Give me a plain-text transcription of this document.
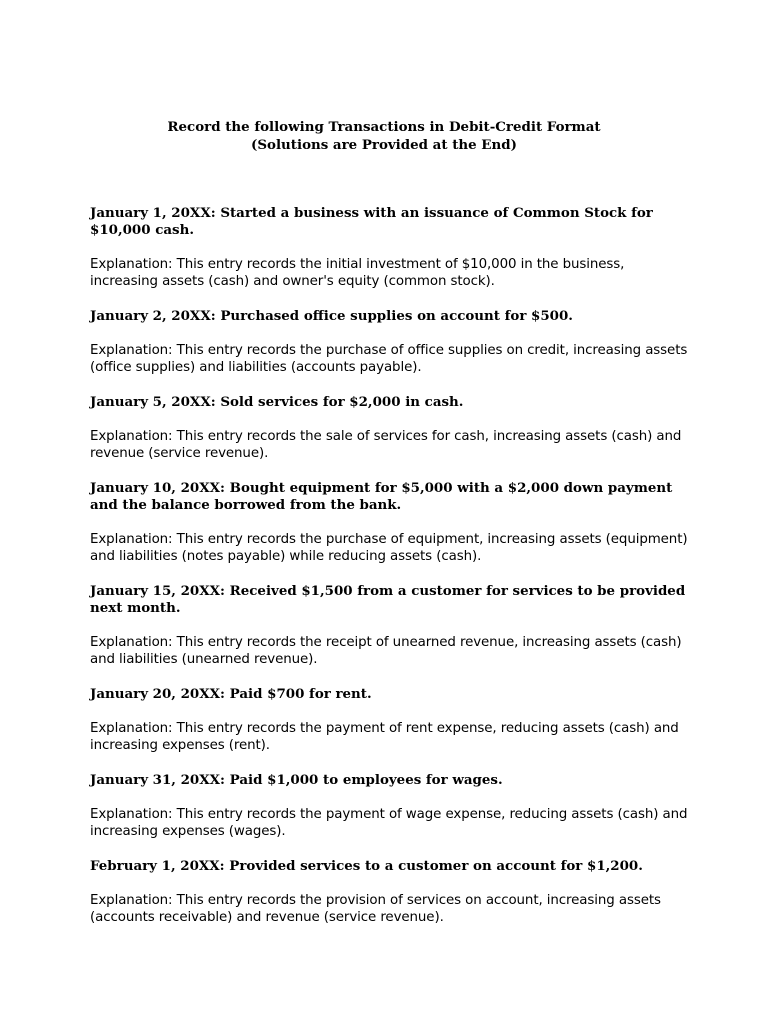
Record the following Transactions in Debit-Credit Format
(Solutions are Provided at the End)

January 1, 20XX: Started a business with an issuance of Common Stock for $10,000 cash.

Explanation: This entry records the initial investment of $10,000 in the business, increasing assets (cash) and owner's equity (common stock).

January 2, 20XX: Purchased office supplies on account for $500.

Explanation: This entry records the purchase of office supplies on credit, increasing assets (office supplies) and liabilities (accounts payable).

January 5, 20XX: Sold services for $2,000 in cash.

Explanation: This entry records the sale of services for cash, increasing assets (cash) and revenue (service revenue).

January 10, 20XX: Bought equipment for $5,000 with a $2,000 down payment and the balance borrowed from the bank.

Explanation: This entry records the purchase of equipment, increasing assets (equipment) and liabilities (notes payable) while reducing assets (cash).

January 15, 20XX: Received $1,500 from a customer for services to be provided next month.

Explanation: This entry records the receipt of unearned revenue, increasing assets (cash) and liabilities (unearned revenue).

January 20, 20XX: Paid $700 for rent.

Explanation: This entry records the payment of rent expense, reducing assets (cash) and increasing expenses (rent).

January 31, 20XX: Paid $1,000 to employees for wages.

Explanation: This entry records the payment of wage expense, reducing assets (cash) and increasing expenses (wages).

February 1, 20XX: Provided services to a customer on account for $1,200.

Explanation: This entry records the provision of services on account, increasing assets (accounts receivable) and revenue (service revenue).
